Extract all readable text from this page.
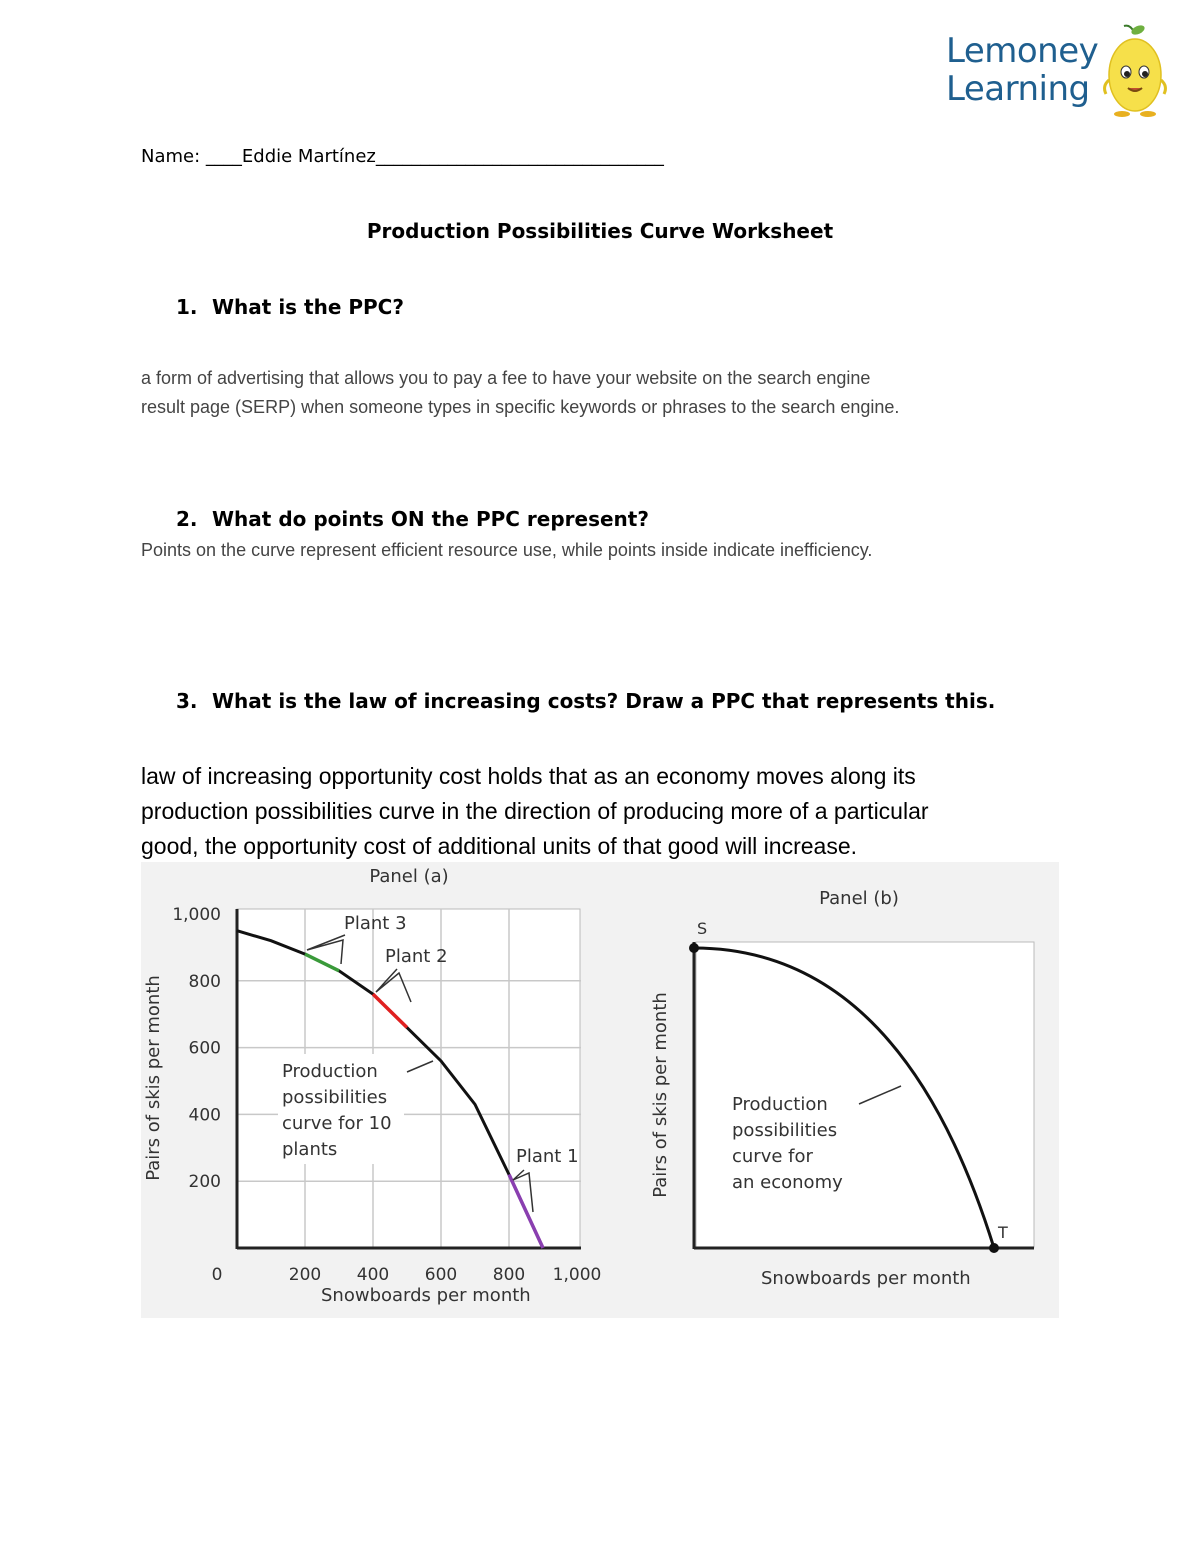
Lemoney
Learning
Name: ____Eddie Martínez________________________________
Production Possibilities Curve Worksheet
1. What is the PPC?
a form of advertising that allows you to pay a fee to have your website on the search engine
result page (SERP) when someone types in specific keywords or phrases to the search engine.
2. What do points ON the PPC represent?
Points on the curve represent efficient resource use, while points inside indicate inefficiency.
3. What is the law of increasing costs? Draw a PPC that represents this.
law of increasing opportunity cost holds that as an economy moves along its
production possibilities curve in the direction of producing more of a particular
good, the opportunity cost of additional units of that good will increase.
Panel (a)
200
400
600
800
1,000
0	200 400 600 800 1,000
Snowboards per month
Pairs of skis per month	Production
possibilities
curve for 10
plants
Plant 3
Plant 2
Plant 1
Panel (b)
S
T
Production
possibilities
curve for
an economy
Snowboards per month
Pairs of skis per month
